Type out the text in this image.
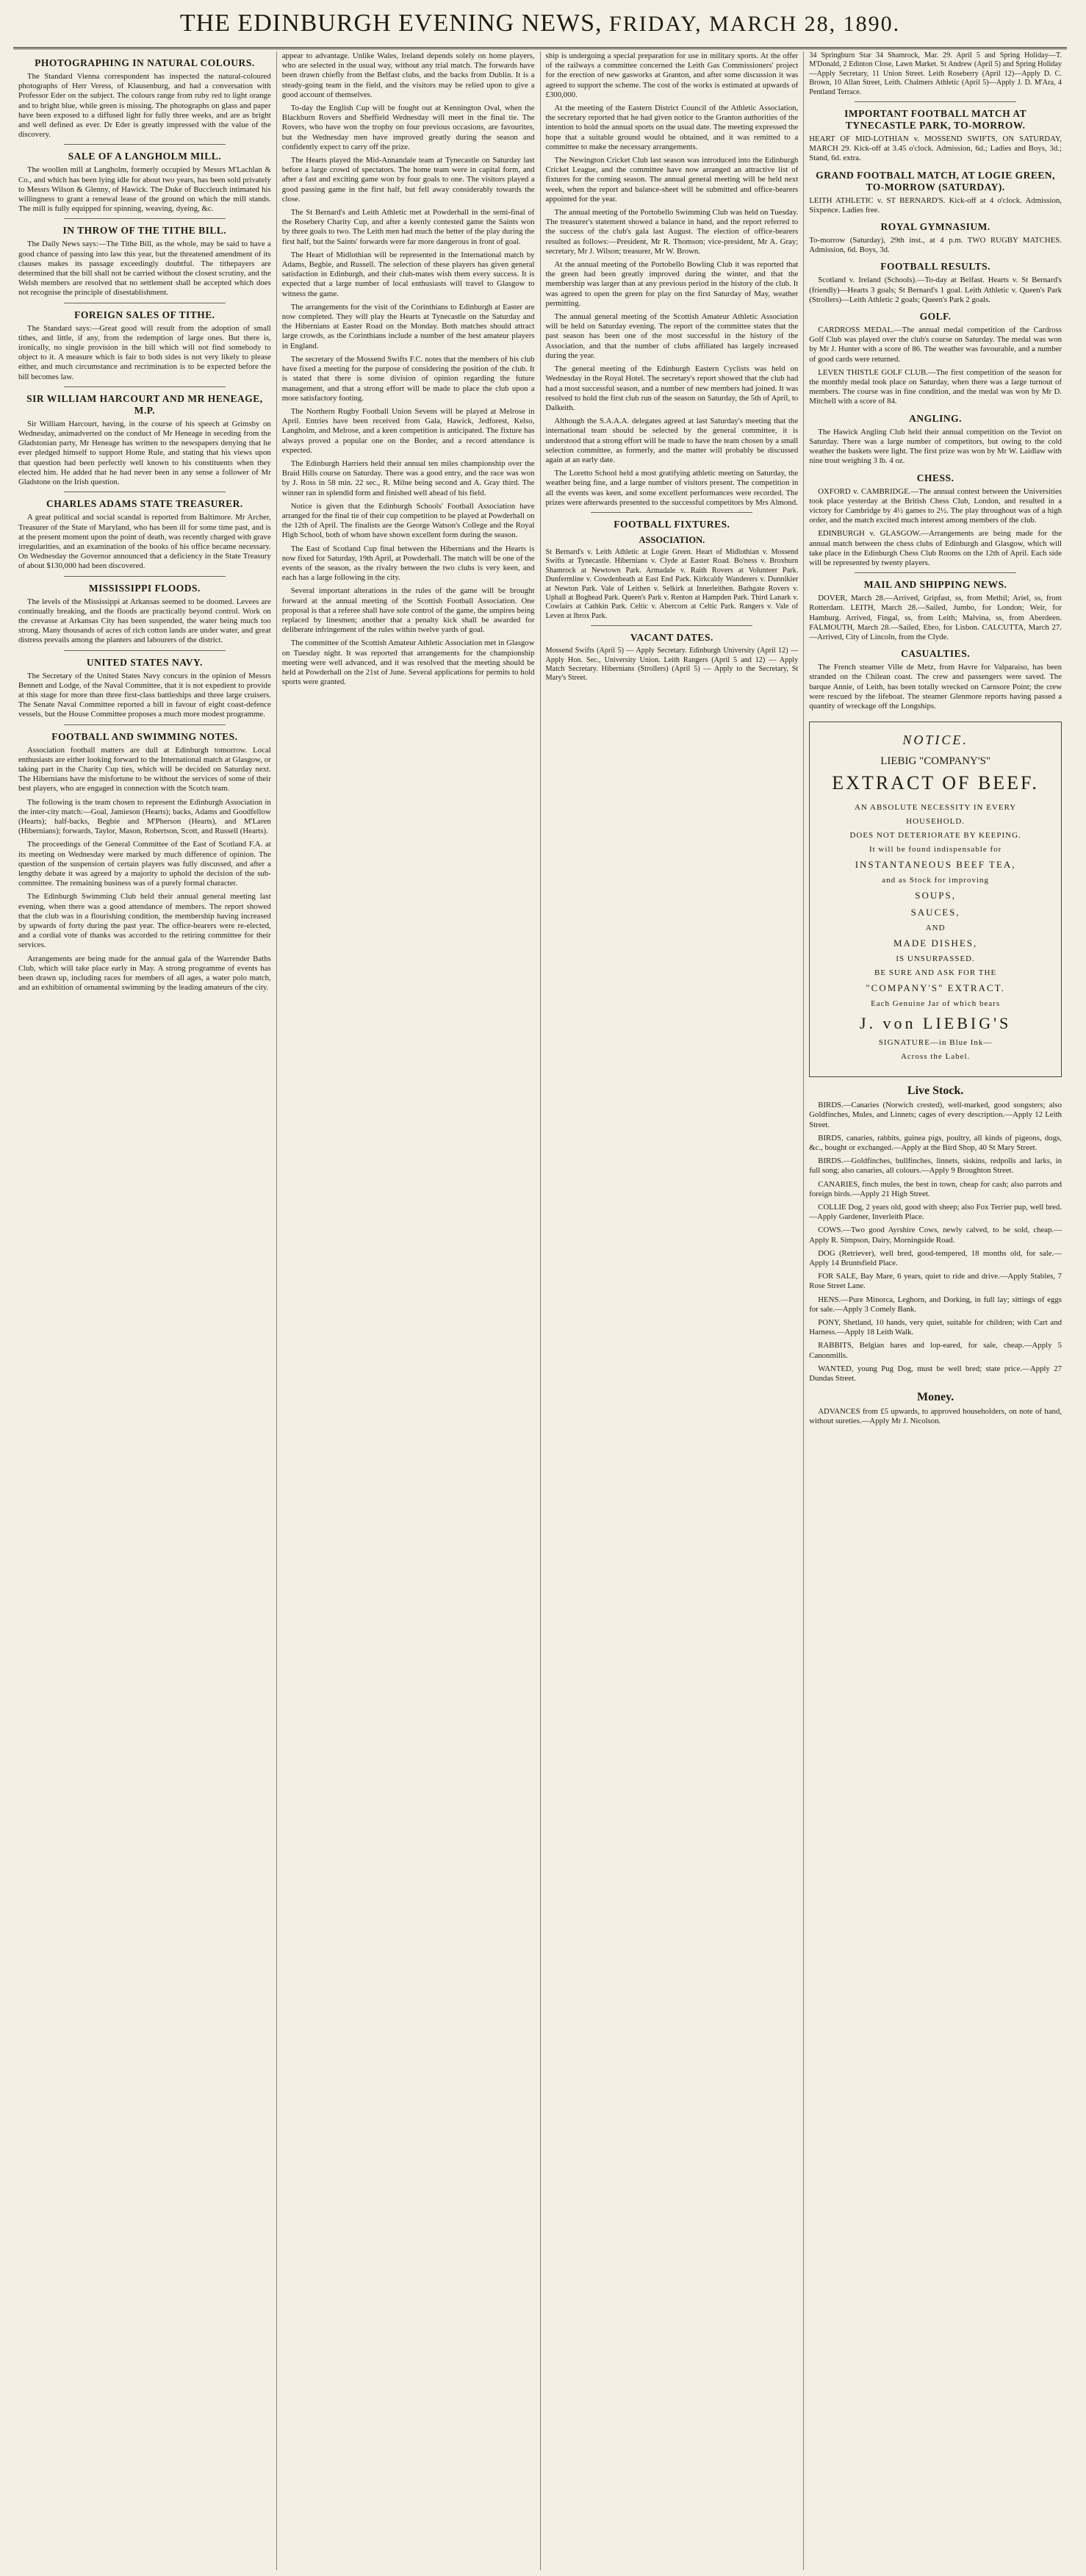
THE EDINBURGH EVENING NEWS, FRIDAY, MARCH 28, 1890.
PHOTOGRAPHING IN NATURAL COLOURS.

The Standard Vienna correspondent has inspected the natural-coloured photographs of Herr Veress, of Klausenburg, and had a conversation with Professor Eder on the subject. The colours range from ruby red to light orange and to bright blue, while green is missing. The photographs on glass and paper have been exposed to a diffused light for fully three weeks, and are as bright and well defined as ever. Dr Eder is greatly impressed with the value of the discovery.

SALE OF A LANGHOLM MILL.

The woollen mill at Langholm, formerly occupied by Messrs M'Lachlan & Co., and which has been lying idle for about two years, has been sold privately to Messrs Wilson & Glenny, of Hawick. The Duke of Buccleuch intimated his willingness to grant a renewal lease of the ground on which the mill stands. The mill is fully equipped for spinning, weaving, dyeing, &c.

IN THROW OF THE TITHE BILL.

The Daily News says:—The Tithe Bill, as the whole, may be said to have a good chance of passing into law this year, but the threatened amendment of its clauses makes its passage exceedingly doubtful. The tithepayers are determined that the bill shall not be carried without the closest scrutiny, and the Welsh members are resolved that no settlement shall be accepted which does not recognise the principle of disestablishment.

FOREIGN SALES OF TITHE.

The Standard says:—Great good will result from the adoption of small tithes, and little, if any, from the redemption of large ones. But there is, ironically, no single provision in the bill which will not find somebody to object to it. A measure which is fair to both sides is not very likely to please either, and much circumstance and recrimination is to be expected before the bill becomes law.

SIR WILLIAM HARCOURT AND MR HENEAGE, M.P.

Sir William Harcourt, having, in the course of his speech at Grimsby on Wednesday, animadverted on the conduct of Mr Heneage in seceding from the Gladstonian party, Mr Heneage has written to the newspapers denying that he ever pledged himself to support Home Rule, and stating that his views upon that question had been perfectly well known to his constituents when they elected him. He added that he had never been in any sense a follower of Mr Gladstone on the Irish question.

CHARLES ADAMS STATE TREASURER.

A great political and social scandal is reported from Baltimore. Mr Archer, Treasurer of the State of Maryland, who has been ill for some time past, and is at the present moment upon the point of death, was recently charged with grave irregularities, and an examination of the books of his office became necessary. On Wednesday the Governor announced that a deficiency in the State Treasury of about $130,000 had been discovered.

MISSISSIPPI FLOODS.

The levels of the Mississippi at Arkansas seemed to be doomed. Levees are continually breaking, and the floods are practically beyond control. Work on the crevasse at Arkansas City has been suspended, the water being much too strong. Many thousands of acres of rich cotton lands are under water, and great distress prevails among the planters and labourers of the district.

UNITED STATES NAVY.

The Secretary of the United States Navy concurs in the opinion of Messrs Bennett and Lodge, of the Naval Committee, that it is not expedient to provide at this stage for more than three first-class battleships and three large cruisers. The Senate Naval Committee reported a bill in favour of eight coast-defence vessels, but the House Committee proposes a much more modest programme.

FOOTBALL AND SWIMMING NOTES.

Association football matters are dull at Edinburgh tomorrow. Local enthusiasts are either looking forward to the International match at Glasgow, or taking part in the Charity Cup ties, which will be decided on Saturday next. The Hibernians have the misfortune to be without the services of some of their best players, who are engaged in connection with the Scotch team.

The following is the team chosen to represent the Edinburgh Association in the inter-city match:—Goal, Jamieson (Hearts); backs, Adams and Goodfellow (Hearts); half-backs, Begbie and M'Pherson (Hearts), and M'Laren (Hibernians); forwards, Taylor, Mason, Robertson, Scott, and Russell (Hearts).

The proceedings of the General Committee of the East of Scotland F.A. at its meeting on Wednesday were marked by much difference of opinion. The question of the suspension of certain players was fully discussed, and after a lengthy debate it was agreed by a majority to uphold the decision of the sub-committee. The remaining business was of a purely formal character.

The Edinburgh Swimming Club held their annual general meeting last evening, when there was a good attendance of members. The report showed that the club was in a flourishing condition, the membership having increased by upwards of forty during the past year. The office-bearers were re-elected, and a cordial vote of thanks was accorded to the retiring committee for their services.

Arrangements are being made for the annual gala of the Warrender Baths Club, which will take place early in May. A strong programme of events has been drawn up, including races for members of all ages, a water polo match, and an exhibition of ornamental swimming by the leading amateurs of the city.

appear to advantage. Unlike Wales, Ireland depends solely on home players, who are selected in the usual way, without any trial match. The forwards have been drawn chiefly from the Belfast clubs, and the backs from Dublin. It is a steady-going team in the field, and the visitors may be relied upon to give a good account of themselves.

To-day the English Cup will be fought out at Kennington Oval, when the Blackburn Rovers and Sheffield Wednesday will meet in the final tie. The Rovers, who have won the trophy on four previous occasions, are favourites, but the Wednesday men have improved greatly during the season and confidently expect to carry off the prize.

The Hearts played the Mid-Annandale team at Tynecastle on Saturday last before a large crowd of spectators. The home team were in capital form, and after a fast and exciting game won by four goals to one. The visitors played a good passing game in the first half, but fell away considerably towards the close.

The St Bernard's and Leith Athletic met at Powderhall in the semi-final of the Rosebery Charity Cup, and after a keenly contested game the Saints won by three goals to two. The Leith men had much the better of the play during the first half, but the Saints' forwards were far more dangerous in front of goal.

The Heart of Midlothian will be represented in the International match by Adams, Begbie, and Russell. The selection of these players has given general satisfaction in Edinburgh, and their club-mates wish them every success. It is expected that a large number of local enthusiasts will travel to Glasgow to witness the game.

The arrangements for the visit of the Corinthians to Edinburgh at Easter are now completed. They will play the Hearts at Tynecastle on the Saturday and the Hibernians at Easter Road on the Monday. Both matches should attract large crowds, as the Corinthians include a number of the best amateur players in England.

The secretary of the Mossend Swifts F.C. notes that the members of his club have fixed a meeting for the purpose of considering the position of the club. It is stated that there is some division of opinion regarding the future management, and that a strong effort will be made to place the club upon a more satisfactory footing.

The Northern Rugby Football Union Sevens will be played at Melrose in April. Entries have been received from Gala, Hawick, Jedforest, Kelso, Langholm, and Melrose, and a keen competition is anticipated. The fixture has always proved a popular one on the Border, and a record attendance is expected.

The Edinburgh Harriers held their annual ten miles championship over the Braid Hills course on Saturday. There was a good entry, and the race was won by J. Ross in 58 min. 22 sec., R. Milne being second and A. Gray third. The winner ran in splendid form and finished well ahead of his field.

Notice is given that the Edinburgh Schools' Football Association have arranged for the final tie of their cup competition to be played at Powderhall on the 12th of April. The finalists are the George Watson's College and the Royal High School, both of whom have shown excellent form during the season.

The East of Scotland Cup final between the Hibernians and the Hearts is now fixed for Saturday, 19th April, at Powderhall. The match will be one of the events of the season, as the rivalry between the two clubs is very keen, and each has a large following in the city.

Several important alterations in the rules of the game will be brought forward at the annual meeting of the Scottish Football Association. One proposal is that a referee shall have sole control of the game, the umpires being replaced by linesmen; another that a penalty kick shall be awarded for deliberate infringement of the rules within twelve yards of goal.

The committee of the Scottish Amateur Athletic Association met in Glasgow on Tuesday night. It was reported that arrangements for the championship meeting were well advanced, and it was resolved that the meeting should be held at Powderhall on the 21st of June. Several applications for permits to hold sports were granted.

ship is undergoing a special preparation for use in military sports. At the offer of the railways a committee concerned the Leith Gas Commissioners' project for the erection of new gasworks at Granton, and after some discussion it was agreed to support the scheme. The cost of the works is estimated at upwards of £300,000.

At the meeting of the Eastern District Council of the Athletic Association, the secretary reported that he had given notice to the Granton authorities of the intention to hold the annual sports on the usual date. The meeting expressed the hope that a suitable ground would be obtained, and it was remitted to a committee to make the necessary arrangements.

The Newington Cricket Club last season was introduced into the Edinburgh Cricket League, and the committee have now arranged an attractive list of fixtures for the coming season. The annual general meeting will be held next week, when the report and balance-sheet will be submitted and office-bearers appointed for the year.

The annual meeting of the Portobello Swimming Club was held on Tuesday. The treasurer's statement showed a balance in hand, and the report referred to the success of the club's gala last August. The election of office-bearers resulted as follows:—President, Mr R. Thomson; vice-president, Mr A. Gray; secretary, Mr J. Wilson; treasurer, Mr W. Brown.

At the annual meeting of the Portobello Bowling Club it was reported that the green had been greatly improved during the winter, and that the membership was larger than at any previous period in the history of the club. It was agreed to open the green for play on the first Saturday of May, weather permitting.

The annual general meeting of the Scottish Amateur Athletic Association will be held on Saturday evening. The report of the committee states that the past season has been one of the most successful in the history of the Association, and that the number of clubs affiliated has largely increased during the year.

The general meeting of the Edinburgh Eastern Cyclists was held on Wednesday in the Royal Hotel. The secretary's report showed that the club had had a most successful season, and a number of new members had joined. It was resolved to hold the first club run of the season on Saturday, the 5th of April, to Dalkeith.

Although the S.A.A.A. delegates agreed at last Saturday's meeting that the international team should be selected by the general committee, it is understood that a strong effort will be made to have the team chosen by a small selection committee, as formerly, and the matter will probably be discussed again at an early date.

The Loretto School held a most gratifying athletic meeting on Saturday, the weather being fine, and a large number of visitors present. The competition in all the events was keen, and some excellent performances were recorded. The prizes were afterwards presented to the successful competitors by Mrs Almond.

FOOTBALL FIXTURES.
ASSOCIATION.

St Bernard's v. Leith Athletic at Logie Green. Heart of Midlothian v. Mossend Swifts at Tynecastle. Hibernians v. Clyde at Easter Road. Bo'ness v. Broxburn Shamrock at Newtown Park. Armadale v. Raith Rovers at Volunteer Park. Dunfermline v. Cowdenbeath at East End Park. Kirkcaldy Wanderers v. Dunnikier at Newton Park. Vale of Leithen v. Selkirk at Innerleithen. Bathgate Rovers v. Uphall at Boghead Park. Queen's Park v. Renton at Hampden Park. Third Lanark v. Cowlairs at Cathkin Park. Celtic v. Abercorn at Celtic Park. Rangers v. Vale of Leven at Ibrox Park.

VACANT DATES.

Mossend Swifts (April 5) — Apply Secretary. Edinburgh University (April 12) — Apply Hon. Sec., University Union. Leith Rangers (April 5 and 12) — Apply Match Secretary. Hibernians (Strollers) (April 5) — Apply to the Secretary, St Mary's Street.

34 Springburn Star 34 Shamrock, Mar. 29. April 5 and Spring Holiday—T. M'Donald, 2 Edinton Close, Lawn Market. St Andrew (April 5) and Spring Holiday—Apply Secretary, 11 Union Street. Leith Roseberry (April 12)—Apply D. C. Brown, 10 Allan Street, Leith. Chalmers Athletic (April 5)—Apply J. D. M'Ara, 4 Pentland Terrace.

IMPORTANT FOOTBALL MATCH AT TYNECASTLE PARK, TO-MORROW.

HEART OF MID-LOTHIAN v. MOSSEND SWIFTS, ON SATURDAY, MARCH 29. Kick-off at 3.45 o'clock. Admission, 6d.; Ladies and Boys, 3d.; Stand, 6d. extra.

GRAND FOOTBALL MATCH, AT LOGIE GREEN, TO-MORROW (SATURDAY).

LEITH ATHLETIC v. ST BERNARD'S. Kick-off at 4 o'clock. Admission, Sixpence. Ladies free.

ROYAL GYMNASIUM.

To-morrow (Saturday), 29th inst., at 4 p.m. TWO RUGBY MATCHES. Admission, 6d. Boys, 3d.

FOOTBALL RESULTS.

Scotland v. Ireland (Schools).—To-day at Belfast. Hearts v. St Bernard's (friendly)—Hearts 3 goals; St Bernard's 1 goal. Leith Athletic v. Queen's Park (Strollers)—Leith Athletic 2 goals; Queen's Park 2 goals.

GOLF.

CARDROSS MEDAL.—The annual medal competition of the Cardross Golf Club was played over the club's course on Saturday. The medal was won by Mr J. Hunter with a score of 86. The weather was favourable, and a number of good cards were returned.

LEVEN THISTLE GOLF CLUB.—The first competition of the season for the monthly medal took place on Saturday, when there was a large turnout of members. The course was in fine condition, and the medal was won by Mr D. Mitchell with a score of 84.

ANGLING.

The Hawick Angling Club held their annual competition on the Teviot on Saturday. There was a large number of competitors, but owing to the cold weather the baskets were light. The first prize was won by Mr W. Laidlaw with nine trout weighing 3 lb. 4 oz.

CHESS.

OXFORD v. CAMBRIDGE.—The annual contest between the Universities took place yesterday at the British Chess Club, London, and resulted in a victory for Cambridge by 4½ games to 2½. The play throughout was of a high order, and the match excited much interest among members of the club.

EDINBURGH v. GLASGOW.—Arrangements are being made for the annual match between the chess clubs of Edinburgh and Glasgow, which will take place in the Edinburgh Chess Club Rooms on the 12th of April. Each side will be represented by twenty players.

MAIL AND SHIPPING NEWS.

DOVER, March 28.—Arrived, Gripfast, ss, from Methil; Ariel, ss, from Rotterdam. LEITH, March 28.—Sailed, Jumbo, for London; Weir, for Hamburg. Arrived, Fingal, ss, from Leith; Malvina, ss, from Aberdeen. FALMOUTH, March 28.—Sailed, Ebro, for Lisbon. CALCUTTA, March 27.—Arrived, City of Lincoln, from the Clyde.

CASUALTIES.

The French steamer Ville de Metz, from Havre for Valparaiso, has been stranded on the Chilean coast. The crew and passengers were saved. The barque Annie, of Leith, has been totally wrecked on Carnsore Point; the crew were rescued by the lifeboat. The steamer Glenmore reports having passed a quantity of wreckage off the Longships.

NOTICE.
LIEBIG "COMPANY'S"
EXTRACT OF BEEF.
AN ABSOLUTE NECESSITY IN EVERY
HOUSEHOLD.
DOES NOT DETERIORATE BY KEEPING.
It will be found indispensable for
INSTANTANEOUS BEEF TEA,
and as Stock for improving
SOUPS,
SAUCES,
AND
MADE DISHES,
IS UNSURPASSED.
BE SURE AND ASK FOR THE
"COMPANY'S" EXTRACT.
Each Genuine Jar of which bears
J. von LIEBIG'S
SIGNATURE—in Blue Ink—
Across the Label.
Live Stock.

BIRDS.—Canaries (Norwich crested), well-marked, good songsters; also Goldfinches, Mules, and Linnets; cages of every description.—Apply 12 Leith Street.

BIRDS, canaries, rabbits, guinea pigs, poultry, all kinds of pigeons, dogs, &c., bought or exchanged.—Apply at the Bird Shop, 40 St Mary Street.

BIRDS.—Goldfinches, bullfinches, linnets, siskins, redpolls and larks, in full song; also canaries, all colours.—Apply 9 Broughton Street.

CANARIES, finch mules, the best in town, cheap for cash; also parrots and foreign birds.—Apply 21 High Street.

COLLIE Dog, 2 years old, good with sheep; also Fox Terrier pup, well bred.—Apply Gardener, Inverleith Place.

COWS.—Two good Ayrshire Cows, newly calved, to be sold, cheap.—Apply R. Simpson, Dairy, Morningside Road.

DOG (Retriever), well bred, good-tempered, 18 months old, for sale.—Apply 14 Bruntsfield Place.

FOR SALE, Bay Mare, 6 years, quiet to ride and drive.—Apply Stables, 7 Rose Street Lane.

HENS.—Pure Minorca, Leghorn, and Dorking, in full lay; sittings of eggs for sale.—Apply 3 Comely Bank.

PONY, Shetland, 10 hands, very quiet, suitable for children; with Cart and Harness.—Apply 18 Leith Walk.

RABBITS, Belgian hares and lop-eared, for sale, cheap.—Apply 5 Canonmills.

WANTED, young Pug Dog, must be well bred; state price.—Apply 27 Dundas Street.

Money.

ADVANCES from £5 upwards, to approved householders, on note of hand, without sureties.—Apply Mr J. Nicolson.
